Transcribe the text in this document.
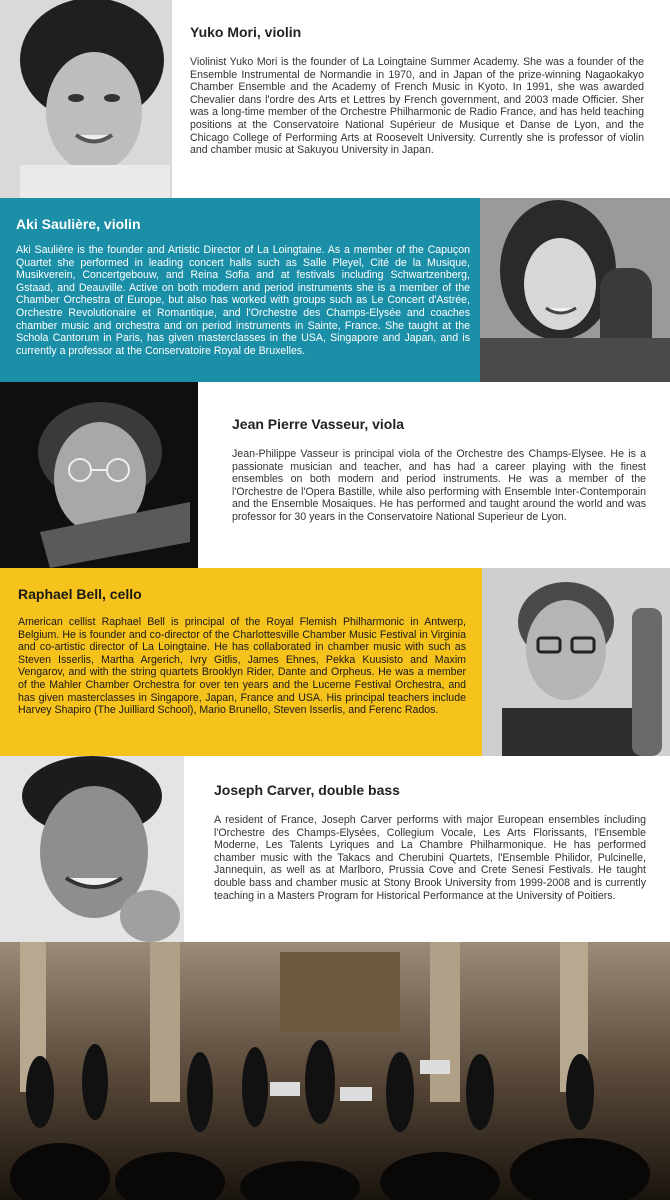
Yuko Mori, violin
Violinist Yuko Mori is the founder of La Loingtaine Summer Academy. She was a founder of the Ensemble Instrumental de Normandie in 1970, and in Japan of the prize-winning Nagaokakyo Chamber Ensemble and the Academy of French Music in Kyoto. In 1991, she was awarded Chevalier dans l'ordre des Arts et Lettres by French government, and 2003 made Officier. Sher was a long-time member of the Orchestre Philharmonic de Radio France, and has held teaching positions at the Conservatoire National Supérieur de Musique et Danse de Lyon, and the Chicago College of Performing Arts at Roosevelt University. Currently she is professor of violin and chamber music at Sakuyou University in Japan.
Aki Saulière, violin
Aki Saulière is the founder and Artistic Director of La Loingtaine. As a member of the Capuçon Quartet she performed in leading concert halls such as Salle Pleyel, Cité de la Musique, Musikverein, Concertgebouw, and Reina Sofia and at festivals including Schwartzenberg, Gstaad, and Deauville. Active on both modern and period instruments she is a member of the Chamber Orchestra of Europe, but also has worked with groups such as Le Concert d'Astrée, Orchestre Revolutionaire et Romantique, and l'Orchestre des Champs-Elysée and coaches chamber music and orchestra and on period instruments in Sainte, France. She taught at the Schola Cantorum in Paris, has given masterclasses in the USA, Singapore and Japan, and is currently a professor at the Conservatoire Royal de Bruxelles.
Jean Pierre Vasseur, viola
Jean-Philippe Vasseur is principal viola of the Orchestre des Champs-Elysee. He is a passionate musician and teacher, and has had a career playing with the finest ensembles on both modern and period instruments. He was a member of the l'Orchestre de l'Opera Bastille, while also performing with Ensemble Inter-Contemporain and the Ensemble Mosaiques. He has performed and taught around the world and was professor for 30 years in the Conservatoire National Superieur de Lyon.
Raphael Bell, cello
American cellist Raphael Bell is principal of the Royal Flemish Philharmonic in Antwerp, Belgium. He is founder and co-director of the Charlottesville Chamber Music Festival in Virginia and co-artistic director of La Loingtaine. He has collaborated in chamber music with such as Steven Isserlis, Martha Argerich, Ivry Gitlis, James Ehnes, Pekka Kuusisto and Maxim Vengarov, and with the string quartets Brooklyn Rider, Dante and Orpheus. He was a member of the Mahler Chamber Orchestra for over ten years and the Lucerne Festival Orchestra, and has given masterclasses in Singapore, Japan, France and USA. His principal teachers include Harvey Shapiro (The Juilliard School), Mario Brunello, Steven Isserlis, and Ferenc Rados.
Joseph Carver, double bass
A resident of France, Joseph Carver performs with major European ensembles including l'Orchestre des Champs-Elysées, Collegium Vocale, Les Arts Florissants, l'Ensemble Moderne, Les Talents Lyriques and La Chambre Philharmonique. He has performed chamber music with the Takacs and Cherubini Quartets, l'Ensemble Philidor, Pulcinelle, Jannequin, as well as at Marlboro, Prussia Cove and Crete Senesi Festivals. He taught double bass and chamber music at Stony Brook University from 1999-2008 and is currently teaching in a Masters Program for Historical Performance at the University of Poitiers.
